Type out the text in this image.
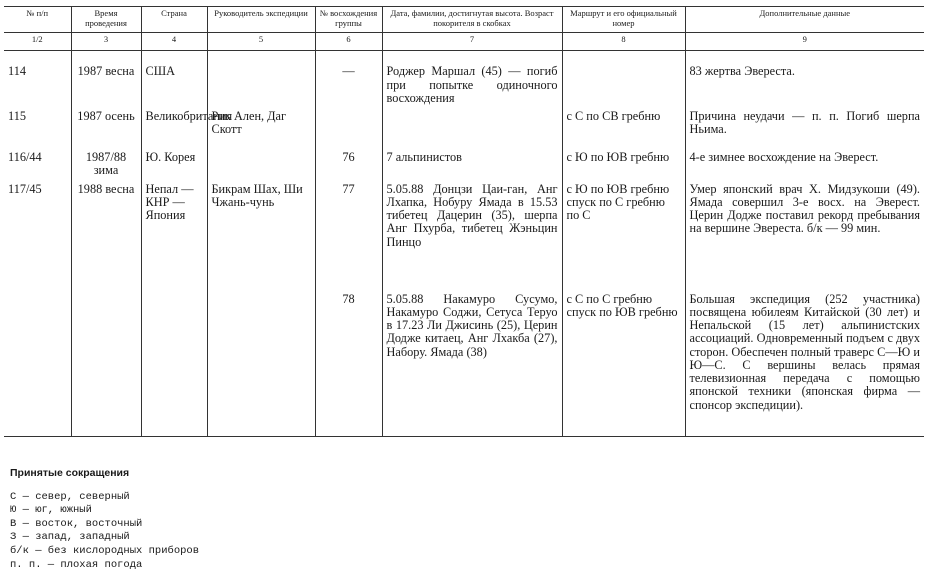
№ п/п	Время проведения	Страна	Руководитель экспедиции	№ восхождения группы	Дата, фамилии, достигнутая высота. Возраст покорителя в скобках	Маршрут и его официальный номер	Дополнительные данные
1/2	3	4	5	6	7	8	9
114	1987 весна	США		—	Роджер Маршал (45) — погиб при попытке одиночного восхождения		83 жертва Эвереста.
115	1987 осень	Великобритания	Рик Ален, Даг Скотт			с С по СВ гребню	Причина неудачи — п. п. Погиб шерпа Ньима.
116/44	1987/88 зима	Ю. Корея		76	7 альпинистов	с Ю по ЮВ гребню	4-е зимнее восхождение на Эверест.
117/45	1988 весна	Непал — КНР — Япония	Бикрам Шах, Ши Чжань-чунь	77	5.05.88 Донцзи Цаи-ган, Анг Лхапка, Нобуру Ямада в 15.53 тибетец Дацерин (35), шерпа Анг Пхурба, тибетец Жэньцин Пинцо	с Ю по ЮВ гребню спуск по С гребню по С	Умер японский врач Х. Мидзукоши (49). Ямада совершил 3-е восх. на Эверест. Церин Додже поставил рекорд пребывания на вершине Эвереста. б/к — 99 мин.
				78	5.05.88 Накамуро Сусумо, Накамуро Соджи, Сетуса Теруо в 17.23 Ли Джисинь (25), Церин Додже китаец, Анг Лхакба (27), Набору. Ямада (38)	с С по С гребню спуск по ЮВ гребню	Большая экспедиция (252 участника) посвящена юбилеям Китайской (30 лет) и Непальской (15 лет) альпинистских ассоциаций. Одновременный подъем с двух сторон. Обеспечен полный траверс С—Ю и Ю—С. С вершины велась прямая телевизионная передача с помощью японской техники (японская фирма — спонсор экспедиции).
Принятые сокращения
С — север, северный
Ю — юг, южный
В — восток, восточный
З — запад, западный
б/к — без кислородных приборов
п. п. — плохая погода
